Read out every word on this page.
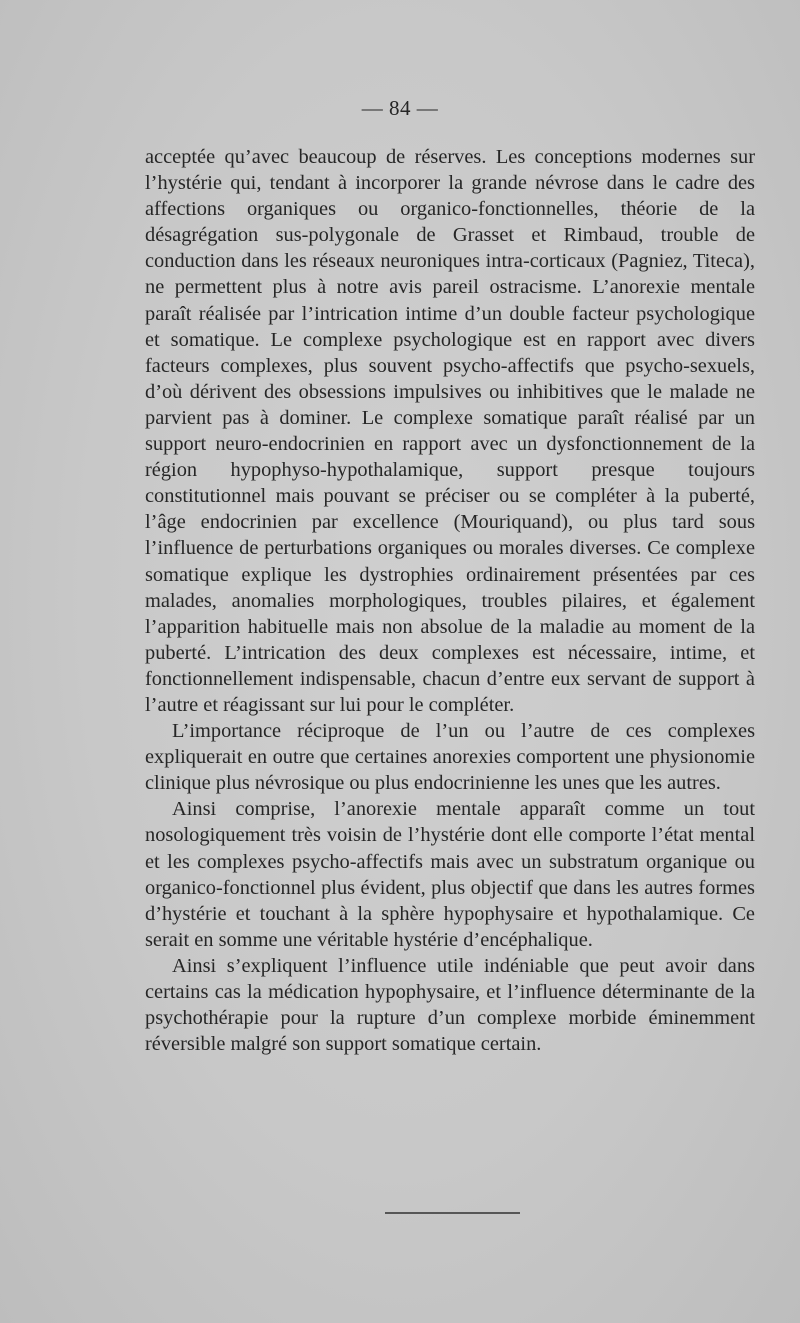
— 84 —

acceptée qu’avec beaucoup de réserves. Les conceptions modernes sur l’hystérie qui, tendant à incorporer la grande névrose dans le cadre des affections organiques ou organico-fonctionnelles, théorie de la désagrégation sus-polygonale de Grasset et Rimbaud, trouble de conduction dans les réseaux neuroniques intra-corticaux (Pagniez, Titeca), ne permettent plus à notre avis pareil ostracisme. L’anorexie mentale paraît réalisée par l’intrication intime d’un double facteur psychologique et somatique. Le complexe psychologique est en rapport avec divers facteurs complexes, plus souvent psycho-affectifs que psycho-sexuels, d’où dérivent des obsessions impulsives ou inhibitives que le malade ne parvient pas à dominer. Le complexe somatique paraît réalisé par un support neuro-endocrinien en rapport avec un dysfonctionnement de la région hypophyso-hypothalamique, support presque toujours constitutionnel mais pouvant se préciser ou se compléter à la puberté, l’âge endocrinien par excellence (Mouriquand), ou plus tard sous l’influence de perturbations organiques ou morales diverses. Ce complexe somatique explique les dystrophies ordinairement présentées par ces malades, anomalies morphologiques, troubles pilaires, et également l’apparition habituelle mais non absolue de la maladie au moment de la puberté. L’intrication des deux complexes est nécessaire, intime, et fonctionnellement indispensable, chacun d’entre eux servant de support à l’autre et réagissant sur lui pour le compléter.

L’importance réciproque de l’un ou l’autre de ces complexes expliquerait en outre que certaines anorexies comportent une physionomie clinique plus névrosique ou plus endocrinienne les unes que les autres.

Ainsi comprise, l’anorexie mentale apparaît comme un tout nosologiquement très voisin de l’hystérie dont elle comporte l’état mental et les complexes psycho-affectifs mais avec un substratum organique ou organico-fonctionnel plus évident, plus objectif que dans les autres formes d’hystérie et touchant à la sphère hypophysaire et hypothalamique. Ce serait en somme une véritable hystérie d’encéphalique.

Ainsi s’expliquent l’influence utile indéniable que peut avoir dans certains cas la médication hypophysaire, et l’influence déterminante de la psychothérapie pour la rupture d’un complexe morbide éminemment réversible malgré son support somatique certain.
